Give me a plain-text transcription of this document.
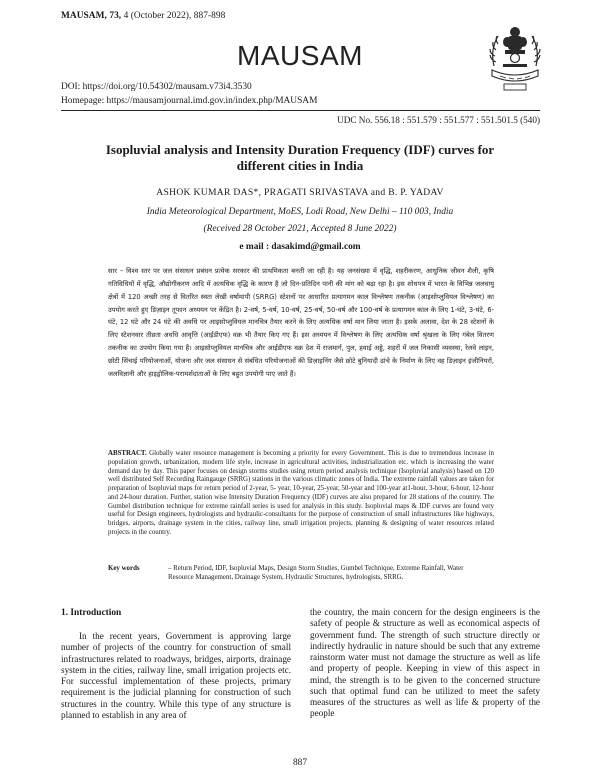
MAUSAM, 73, 4 (October 2022), 887-898
MAUSAM
DOI: https://doi.org/10.54302/mausam.v73i4.3530
Homepage: https://mausamjournal.imd.gov.in/index.php/MAUSAM
UDC No. 556.18 : 551.579 : 551.577 : 551.501.5 (540)
Isopluvial analysis and Intensity Duration Frequency (IDF) curves for different cities in India
ASHOK KUMAR DAS*, PRAGATI SRIVASTAVA and B. P. YADAV
India Meteorological Department, MoES, Lodi Road, New Delhi – 110 003, India
(Received 28 October 2021, Accepted 8 June 2022)
e mail : dasakimd@gmail.com
सार – विश्व स्तर पर जल संसाधन प्रबंधन प्रत्येक सरकार की प्राथमिकता बनती जा रही है। यह जनसंख्या में वृद्धि, शहरीकरण, आधुनिक जीवन शैली, कृषि गतिविधियों में वृद्धि, औद्योगीकरण आदि में अत्यधिक वृद्धि के कारण है जो दिन-प्रतिदिन पानी की मांग को बढ़ा रहा है। इस शोधपत्र में भारत के विभिन्न जलवायु क्षेत्रों में 120 अच्छी तरह से वितरित स्वतः लेखी वर्षामापी (SRRG) स्टेशनों पर आधारित प्रत्यागमन काल विश्लेषण तकनीक (आइसोप्लुवियल विश्लेषण) का उपयोग करते हुए डिज़ाइन तूफान अध्ययन पर केंद्रित है। 2-वर्ष, 5-वर्ष, 10-वर्ष, 25-वर्ष, 50-वर्ष और 100-वर्ष के प्रत्यागमन काल के लिए 1-घंटे, 3-घंटे, 6-घंटे, 12 घंटे और 24 घंटे की अवधि पर आइसोप्लुवियल मानचित्र तैयार करने के लिए अत्यधिक वर्षा मान लिया जाता है। इसके अलावा, देश के 28 स्टेशनों के लिए स्टेशनवार तीव्रता अवधि आवृत्ति (आईडीएफ) वक्र भी तैयार किए गए हैं। इस अध्ययन में विश्लेषण के लिए अत्यधिक वर्षा श्रृंखला के लिए गंबेल वितरण तकनीक का उपयोग किया गया है। आइसोप्लुवियल मानचित्र और आईडीएफ वक्र देश में राजमार्ग, पुल, हवाई अड्डे, शहरों में जल निकासी व्यवस्था, रेलवे लाइन, छोटी सिंचाई परियोजनाओं, योजना और जल संसाधन से संबंधित परियोजनाओं की डिज़ाइनिंग जैसे छोटे बुनियादी ढांचे के निर्माण के लिए वह डिज़ाइन इंजीनियरों, जलविज्ञानी और हाइड्रोलिक-परामर्शदाताओं के लिए बहुत उपयोगी पाए जाते हैं।
ABSTRACT. Globally water resource management is becoming a priority for every Government. This is due to tremendous increase in population growth, urbanization, modern life style, increase in agricultural activities, industrialization etc. which is increasing the water demand day by day. This paper focuses on design storms studies using return period analysis technique (Isopluvial analysis) based on 120 well distributed Self Recording Raingauge (SRRG) stations in the various climatic zones of India. The extreme rainfall values are taken for preparation of Isopluvial maps for return period of 2-year, 5- year, 10-year, 25-year, 50-year and 100-year at1-hour, 3-hour, 6-hour, 12-hour and 24-hour duration. Further, station wise Intensity Duration Frequency (IDF) curves are also prepared for 28 stations of the country. The Gumbel distribution technique for extreme rainfall series is used for analysis in this study. Isopluvial maps & IDF curves are found very useful for Design engineers, hydrologists and hydraulic-consultants for the purpose of construction of small infrastructures like highways, bridges, airports, drainage system in the cities, railway line, small irrigation projects, planning & designing of water resources related projects in the country.
Key words	– Return Period, IDF, Isopluvial Maps, Design Storm Studies, Gumbel Technique, Extreme Rainfall, Water Resource Management, Drainage System, Hydraulic Structures, hydrologists, SRRG.
1. Introduction

In the recent years, Government is approving large number of projects of the country for construction of small infrastructures related to roadways, bridges, airports, drainage system in the cities, railway line, small irrigation projects etc. For successful implementation of these projects, primary requirement is the judicial planning for construction of such structures in the country. While this type of any structure is planned to establish in any area of

the country, the main concern for the design engineers is the safety of people & structure as well as economical aspects of government fund. The strength of such structure directly or indirectly hydraulic in nature should be such that any extreme rainstorm water must not damage the structure as well as life and property of people. Keeping in view of this aspect in mind, the strength is to be given to the concerned structure such that optimal fund can be utilized to meet the safety measures of the structures as well as life & property of the people

887
